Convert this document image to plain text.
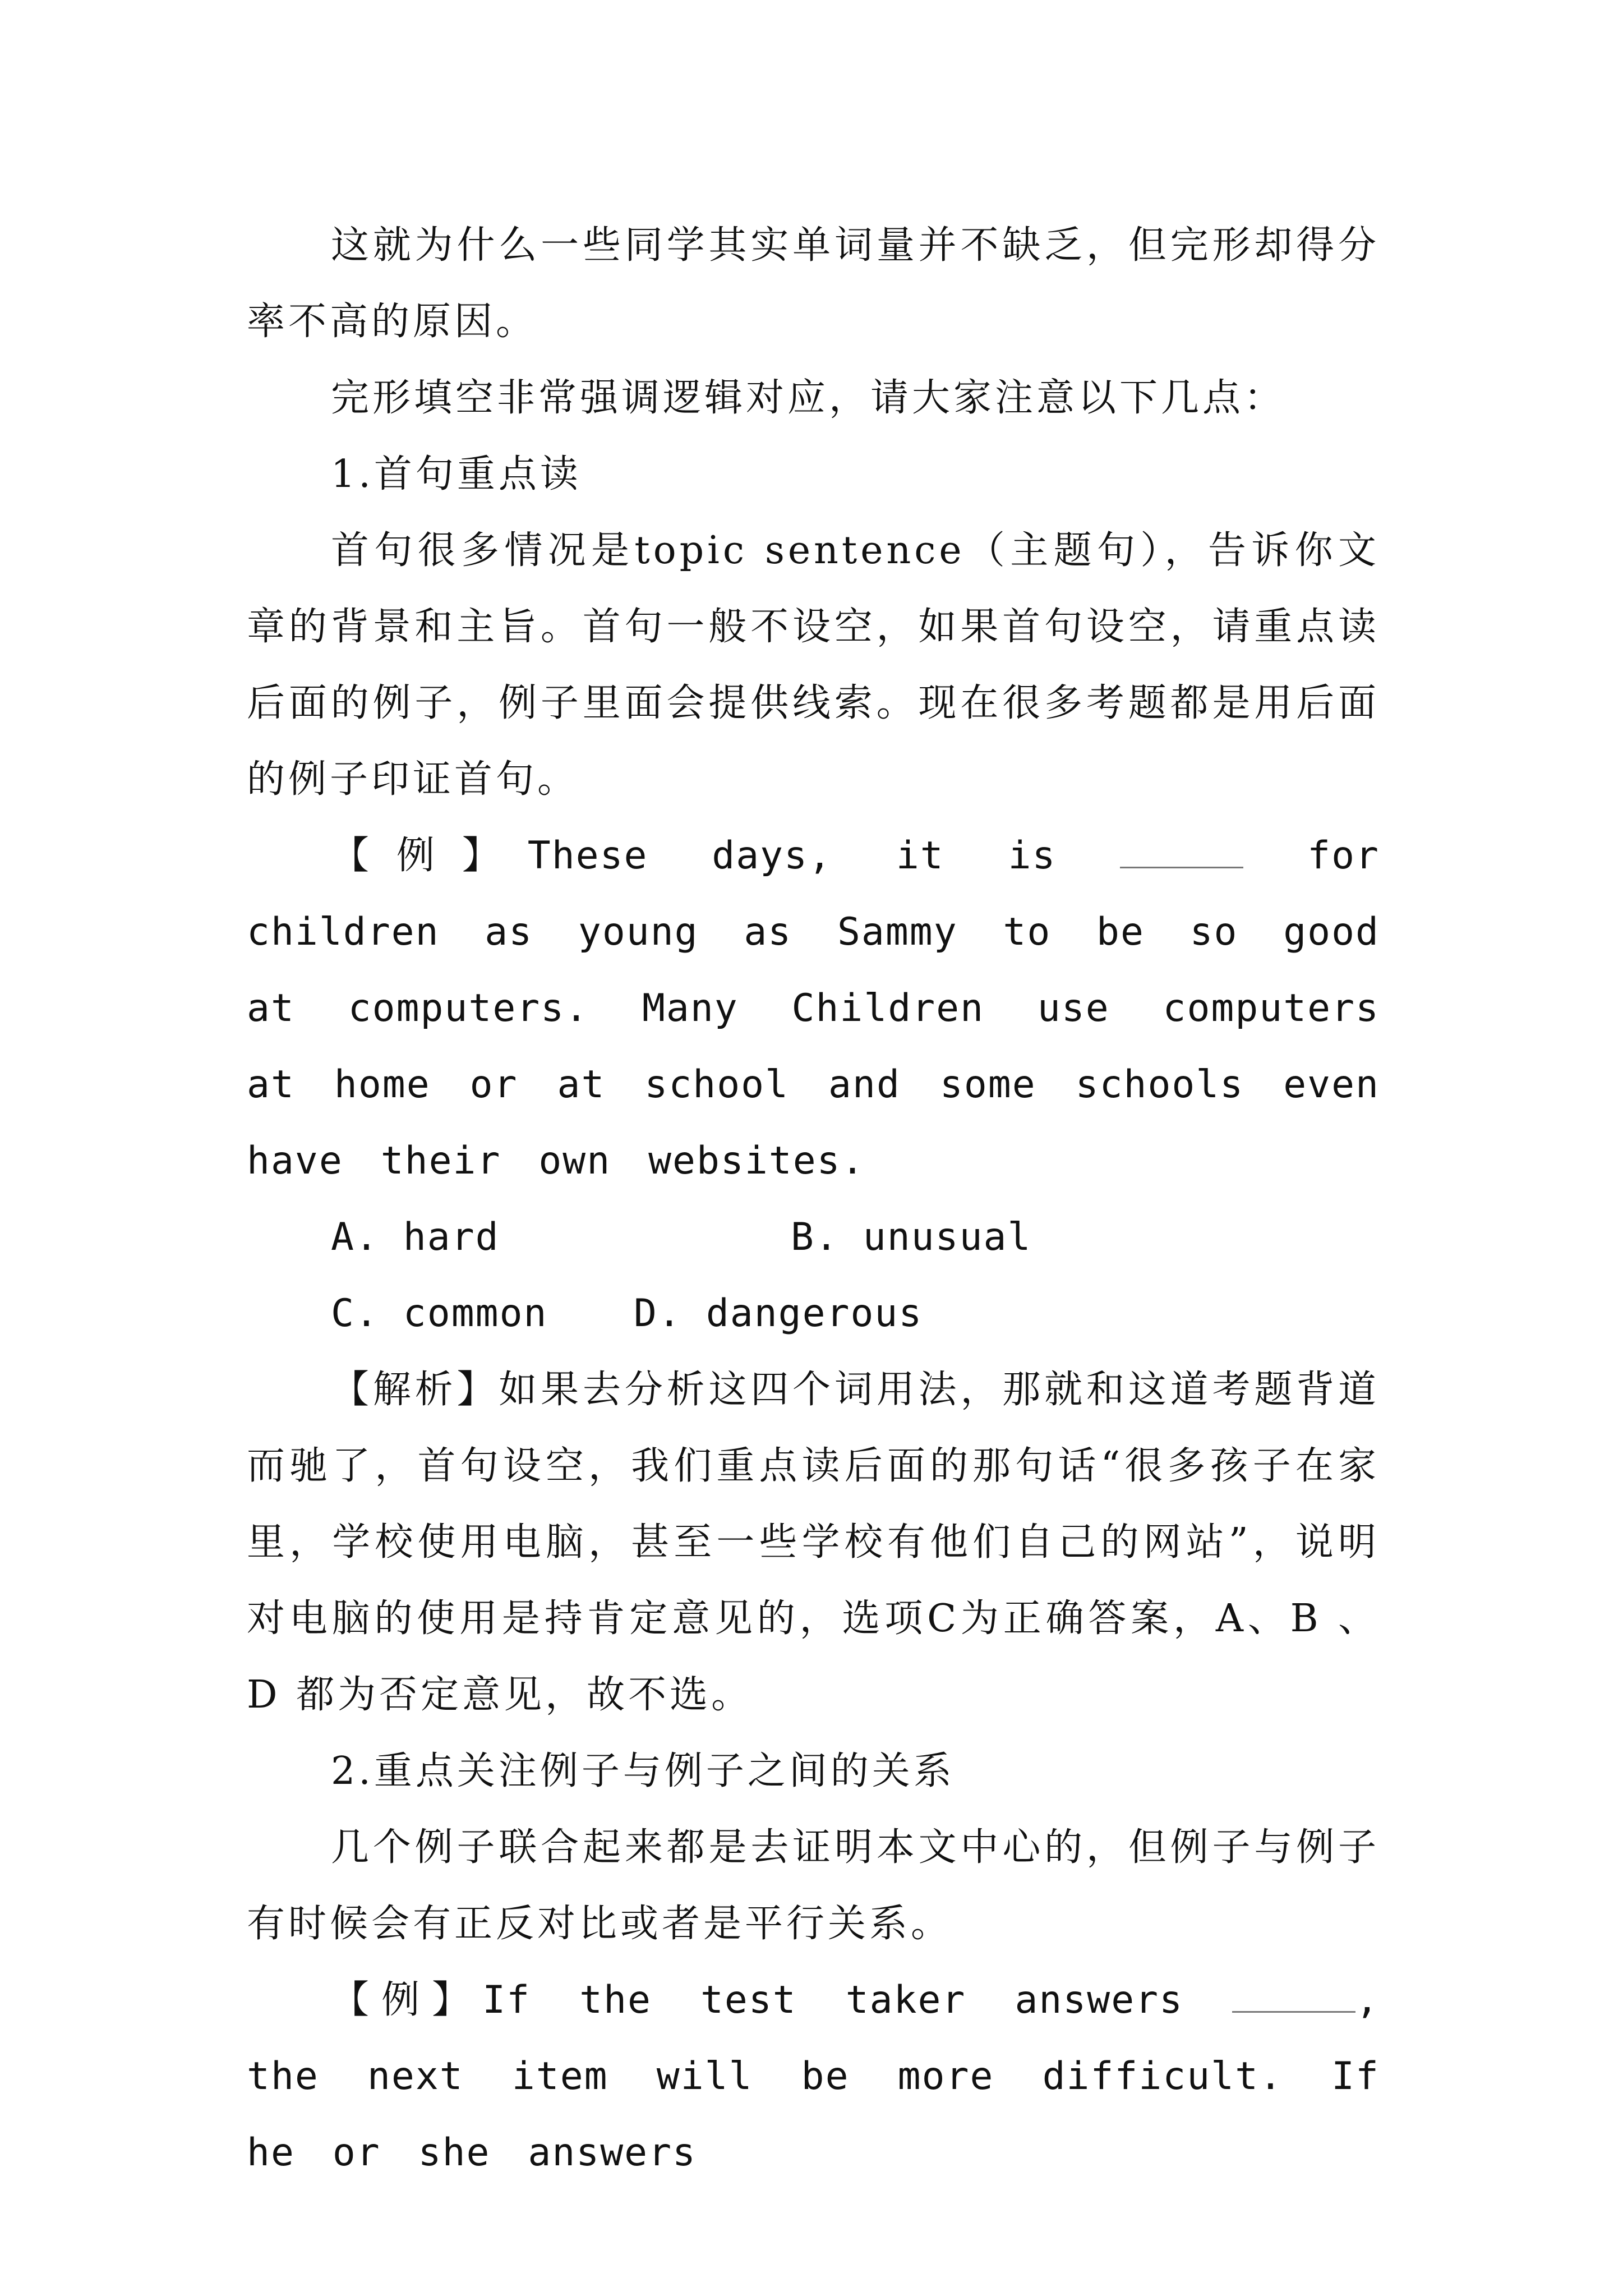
这就为什么一些同学其实单词量并不缺乏，但完形却得分率不高的原因。

完形填空非常强调逻辑对应，请大家注意以下几点：

1.首句重点读

首句很多情况是topic sentence（主题句），告诉你文章的背景和主旨。首句一般不设空，如果首句设空，请重点读后面的例子，例子里面会提供线索。现在很多考题都是用后面的例子印证首句。

【例】These days, it is	for children as young as Sammy to be so good at computers. Many Children use computers at home or at school and some schools even have their own websites.

A. hard	B. unusual
C. common D. dangerous

【解析】如果去分析这四个词用法，那就和这道考题背道而驰了，首句设空，我们重点读后面的那句话“很多孩子在家里，学校使用电脑，甚至一些学校有他们自己的网站”，说明对电脑的使用是持肯定意见的，选项C为正确答案，A、B 、D 都为否定意见，故不选。

2.重点关注例子与例子之间的关系

几个例子联合起来都是去证明本文中心的，但例子与例子有时候会有正反对比或者是平行关系。

【例】If the test taker answers	, the next item will be more difficult. If he or she answers
